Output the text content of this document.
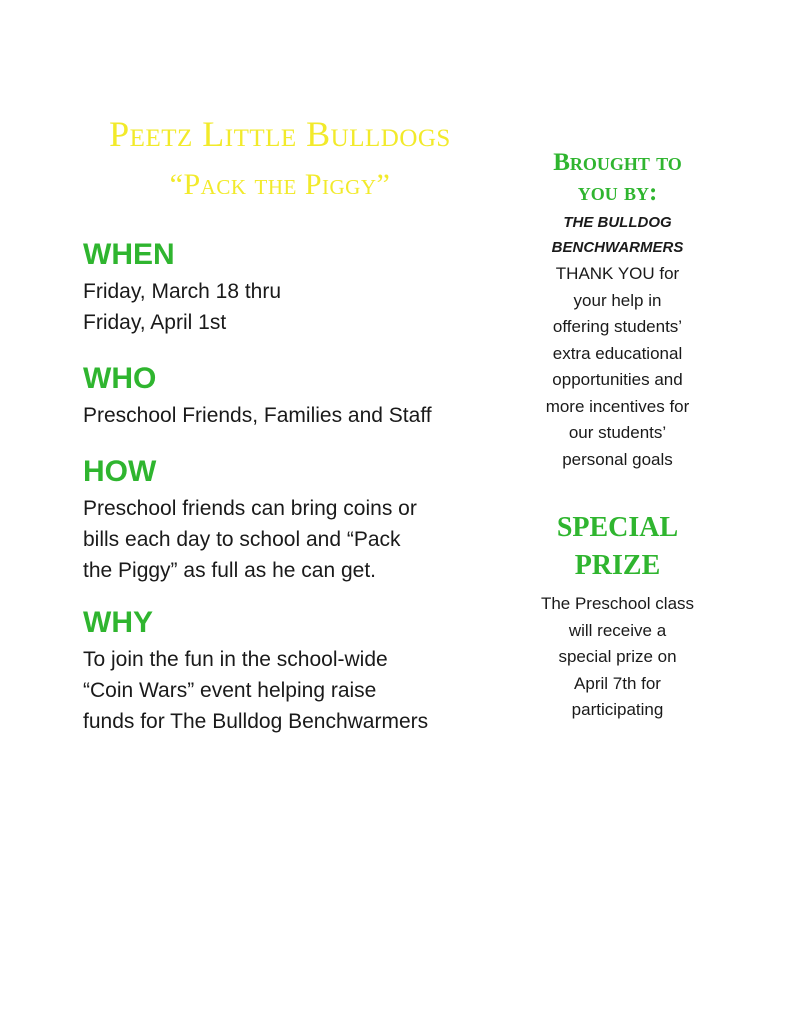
Peetz Little Bulldogs
“Pack the Piggy”
WHEN

Friday, March 18 thru
Friday, April 1st

WHO

Preschool Friends, Families and Staff

HOW

Preschool friends can bring coins or
bills each day to school and “Pack
the Piggy” as full as he can get.

WHY

To join the fun in the school-wide
“Coin Wars” event helping raise
funds for The Bulldog Benchwarmers

Brought to
you by:
THE BULLDOG
BENCHWARMERS
THANK YOU for
your help in
offering students’
extra educational
opportunities and
more incentives for
our students’
personal goals
SPECIAL
PRIZE
The Preschool class
will receive a
special prize on
April 7th for
participating
